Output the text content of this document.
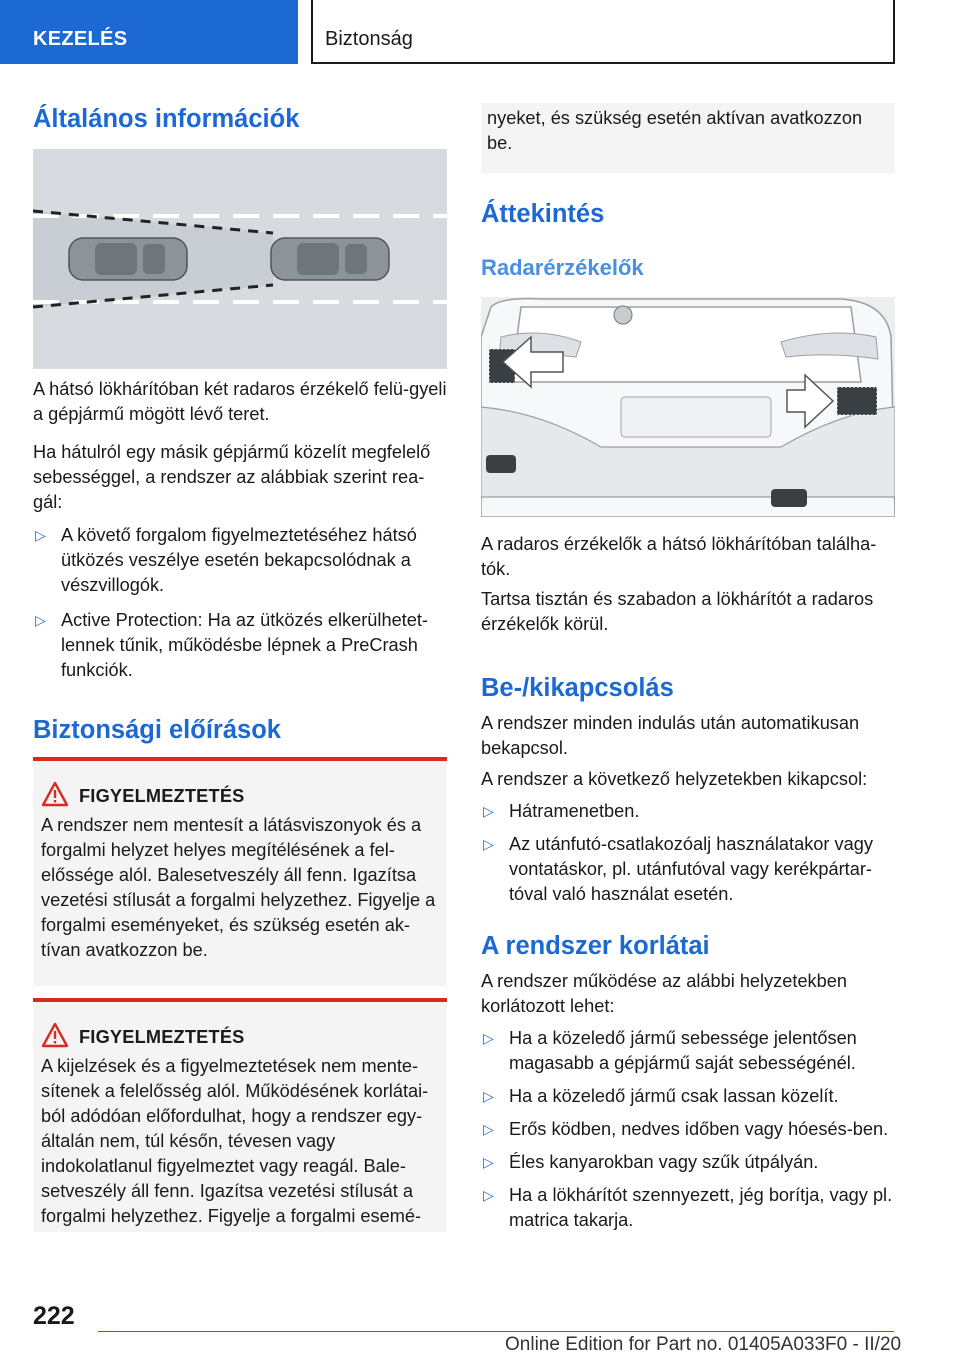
KEZELÉS	Biztonság
Általános információk

A hátsó lökhárítóban két radaros érzékelő felü-gyeli a gépjármű mögött lévő teret.

Ha hátulról egy másik gépjármű közelít megfelelő sebességgel, a rendszer az alábbiak szerint rea-gál:

▷ A követő forgalom figyelmeztetéséhez hátsó ütközés veszélye esetén bekapcsolódnak a vészvillogók.
▷ Active Protection: Ha az ütközés elkerülhetet-lennek tűnik, működésbe lépnek a PreCrash funkciók.
Biztonsági előírások
FIGYELMEZTETÉS
A rendszer nem mentesít a látásviszonyok és a forgalmi helyzet helyes megítélésének a fel-előssége alól. Balesetveszély áll fenn. Igazítsa vezetési stílusát a forgalmi helyzethez. Figyelje a forgalmi eseményeket, és szükség esetén ak-tívan avatkozzon be.
FIGYELMEZTETÉS
A kijelzések és a figyelmeztetések nem mente-sítenek a felelősség alól. Működésének korlátai-ból adódóan előfordulhat, hogy a rendszer egy-általán nem, túl későn, tévesen vagy indokolatlanul figyelmeztet vagy reagál. Bale-setveszély áll fenn. Igazítsa vezetési stílusát a forgalmi helyzethez. Figyelje a forgalmi esemé-
nyeket, és szükség esetén aktívan avatkozzon be.
Áttekintés
Radarérzékelők

A radaros érzékelők a hátsó lökhárítóban találha-tók.

Tartsa tisztán és szabadon a lökhárítót a radaros érzékelők körül.

Be-/kikapcsolás

A rendszer minden indulás után automatikusan bekapcsol.

A rendszer a következő helyzetekben kikapcsol:

▷ Hátramenetben.
▷ Az utánfutó-csatlakozóalj használatakor vagy vontatáskor, pl. utánfutóval vagy kerékpártar-tóval való használat esetén.
A rendszer korlátai

A rendszer működése az alábbi helyzetekben korlátozott lehet:

▷ Ha a közeledő jármű sebessége jelentősen magasabb a gépjármű saját sebességénél.
▷ Ha a közeledő jármű csak lassan közelít.
▷ Erős ködben, nedves időben vagy hóesés-ben.
▷ Éles kanyarokban vagy szűk útpályán.
▷ Ha a lökhárítót szennyezett, jég borítja, vagy pl. matrica takarja.
222
Online Edition for Part no. 01405A033F0 - II/20
